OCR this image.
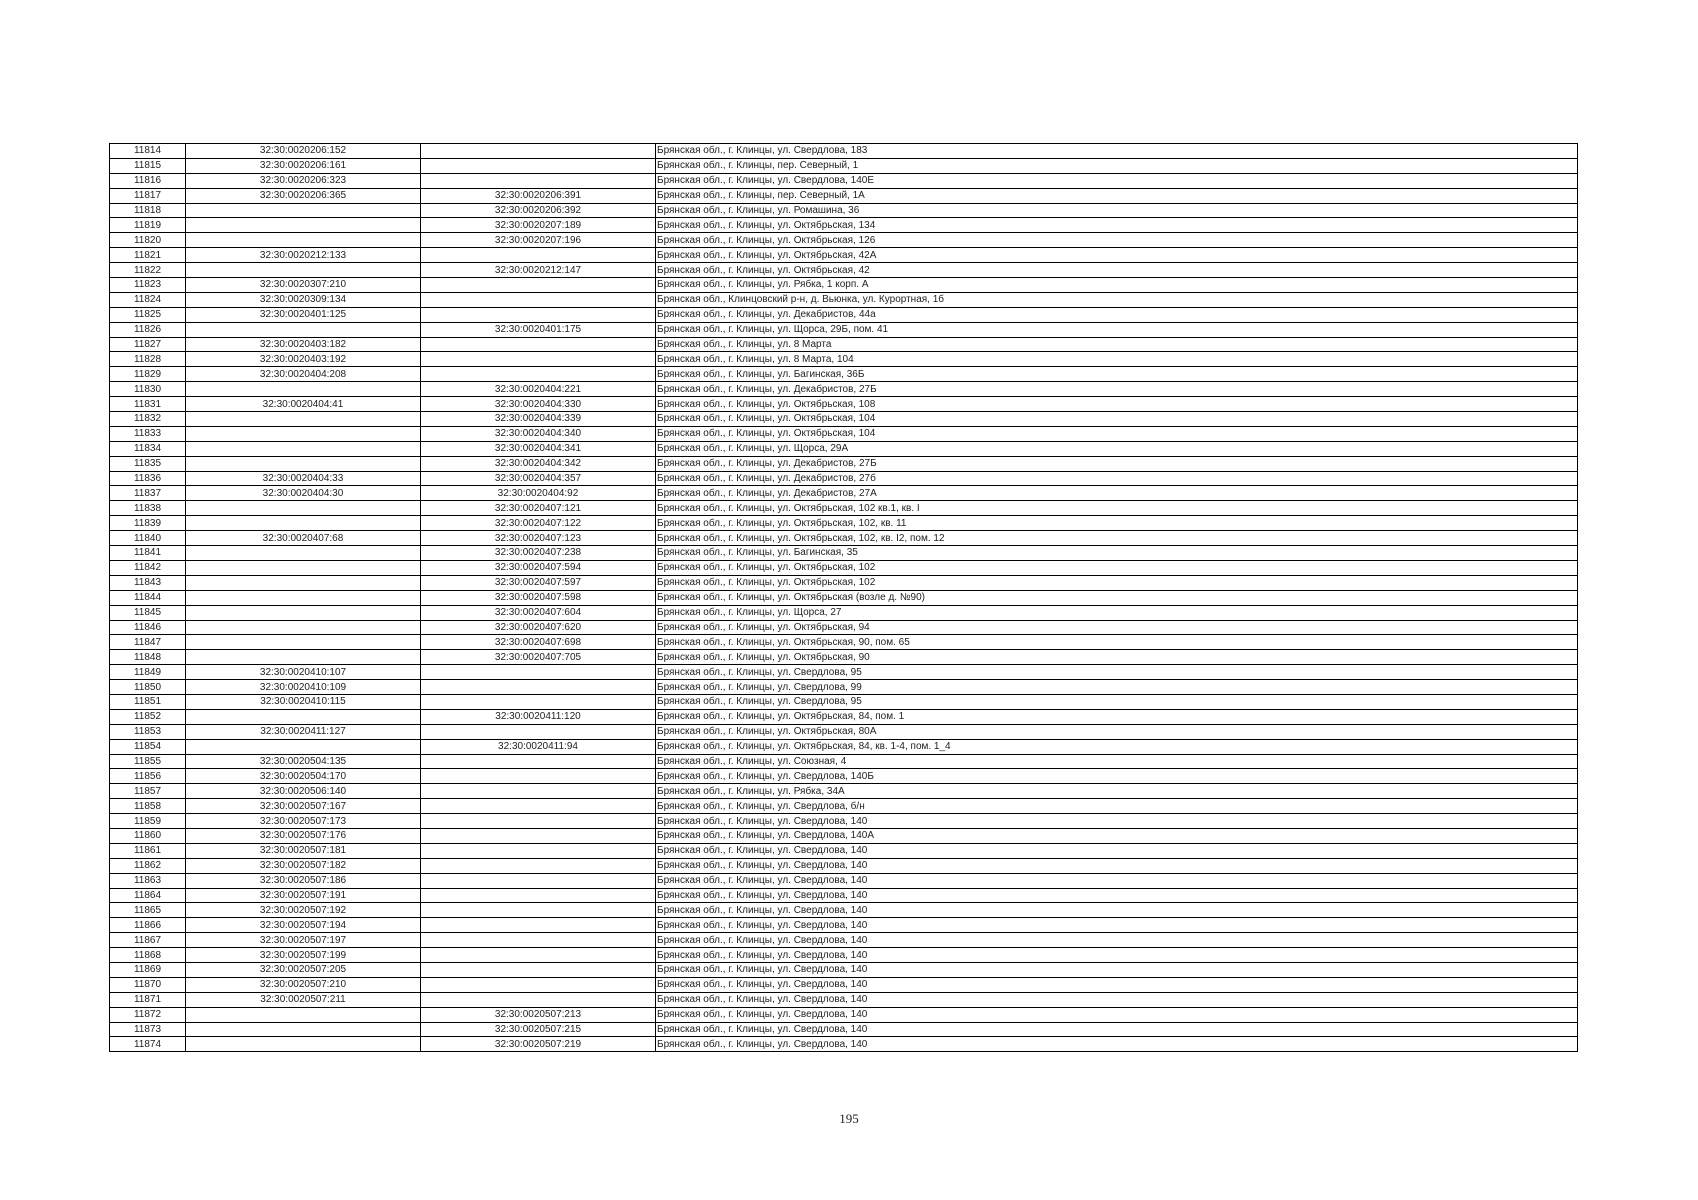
11814	32:30:0020206:152		Брянская обл., г. Клинцы, ул. Свердлова, 183
11815	32:30:0020206:161		Брянская обл., г. Клинцы, пер. Северный, 1
11816	32:30:0020206:323		Брянская обл., г. Клинцы, ул. Свердлова, 140Е
11817	32:30:0020206:365	32:30:0020206:391	Брянская обл., г. Клинцы, пер. Северный, 1А
11818		32:30:0020206:392	Брянская обл., г. Клинцы, ул. Ромашина, 36
11819		32:30:0020207:189	Брянская обл., г. Клинцы, ул. Октябрьская, 134
11820		32:30:0020207:196	Брянская обл., г. Клинцы, ул. Октябрьская, 126
11821	32:30:0020212:133		Брянская обл., г. Клинцы, ул. Октябрьская, 42А
11822		32:30:0020212:147	Брянская обл., г. Клинцы, ул. Октябрьская, 42
11823	32:30:0020307:210		Брянская обл., г. Клинцы, ул. Рябка, 1 корп. А
11824	32:30:0020309:134		Брянская обл., Клинцовский р-н, д. Вьюнка, ул. Курортная, 1б
11825	32:30:0020401:125		Брянская обл., г. Клинцы, ул. Декабристов, 44а
11826		32:30:0020401:175	Брянская обл., г. Клинцы, ул. Щорса, 29Б, пом. 41
11827	32:30:0020403:182		Брянская обл., г. Клинцы, ул. 8 Марта
11828	32:30:0020403:192		Брянская обл., г. Клинцы, ул. 8 Марта, 104
11829	32:30:0020404:208		Брянская обл., г. Клинцы, ул. Багинская, 36Б
11830		32:30:0020404:221	Брянская обл., г. Клинцы, ул. Декабристов, 27Б
11831	32:30:0020404:41	32:30:0020404:330	Брянская обл., г. Клинцы, ул. Октябрьская, 108
11832		32:30:0020404:339	Брянская обл., г. Клинцы, ул. Октябрьская, 104
11833		32:30:0020404:340	Брянская обл., г. Клинцы, ул. Октябрьская, 104
11834		32:30:0020404:341	Брянская обл., г. Клинцы, ул. Щорса, 29А
11835		32:30:0020404:342	Брянская обл., г. Клинцы, ул. Декабристов, 27Б
11836	32:30:0020404:33	32:30:0020404:357	Брянская обл., г. Клинцы, ул. Декабристов, 27б
11837	32:30:0020404:30	32:30:0020404:92	Брянская обл., г. Клинцы, ул. Декабристов, 27А
11838		32:30:0020407:121	Брянская обл., г. Клинцы, ул. Октябрьская, 102 кв.1, кв. I
11839		32:30:0020407:122	Брянская обл., г. Клинцы, ул. Октябрьская, 102, кв. 11
11840	32:30:0020407:68	32:30:0020407:123	Брянская обл., г. Клинцы, ул. Октябрьская, 102, кв. I2, пом. 12
11841		32:30:0020407:238	Брянская обл., г. Клинцы, ул. Багинская, 35
11842		32:30:0020407:594	Брянская обл., г. Клинцы, ул. Октябрьская, 102
11843		32:30:0020407:597	Брянская обл., г. Клинцы, ул. Октябрьская, 102
11844		32:30:0020407:598	Брянская обл., г. Клинцы, ул. Октябрьская (возле д. №90)
11845		32:30:0020407:604	Брянская обл., г. Клинцы, ул. Щорса, 27
11846		32:30:0020407:620	Брянская обл., г. Клинцы, ул. Октябрьская, 94
11847		32:30:0020407:698	Брянская обл., г. Клинцы, ул. Октябрьская, 90, пом. 65
11848		32:30:0020407:705	Брянская обл., г. Клинцы, ул. Октябрьская, 90
11849	32:30:0020410:107		Брянская обл., г. Клинцы, ул. Свердлова, 95
11850	32:30:0020410:109		Брянская обл., г. Клинцы, ул. Свердлова, 99
11851	32:30:0020410:115		Брянская обл., г. Клинцы, ул. Свердлова, 95
11852		32:30:0020411:120	Брянская обл., г. Клинцы, ул. Октябрьская, 84, пом. 1
11853	32:30:0020411:127		Брянская обл., г. Клинцы, ул. Октябрьская, 80А
11854		32:30:0020411:94	Брянская обл., г. Клинцы, ул. Октябрьская, 84, кв. 1-4, пом. 1_4
11855	32:30:0020504:135		Брянская обл., г. Клинцы, ул. Союзная, 4
11856	32:30:0020504:170		Брянская обл., г. Клинцы, ул. Свердлова, 140Б
11857	32:30:0020506:140		Брянская обл., г. Клинцы, ул. Рябка, 34А
11858	32:30:0020507:167		Брянская обл., г. Клинцы, ул. Свердлова, б/н
11859	32:30:0020507:173		Брянская обл., г. Клинцы, ул. Свердлова, 140
11860	32:30:0020507:176		Брянская обл., г. Клинцы, ул. Свердлова, 140А
11861	32:30:0020507:181		Брянская обл., г. Клинцы, ул. Свердлова, 140
11862	32:30:0020507:182		Брянская обл., г. Клинцы, ул. Свердлова, 140
11863	32:30:0020507:186		Брянская обл., г. Клинцы, ул. Свердлова, 140
11864	32:30:0020507:191		Брянская обл., г. Клинцы, ул. Свердлова, 140
11865	32:30:0020507:192		Брянская обл., г. Клинцы, ул. Свердлова, 140
11866	32:30:0020507:194		Брянская обл., г. Клинцы, ул. Свердлова, 140
11867	32:30:0020507:197		Брянская обл., г. Клинцы, ул. Свердлова, 140
11868	32:30:0020507:199		Брянская обл., г. Клинцы, ул. Свердлова, 140
11869	32:30:0020507:205		Брянская обл., г. Клинцы, ул. Свердлова, 140
11870	32:30:0020507:210		Брянская обл., г. Клинцы, ул. Свердлова, 140
11871	32:30:0020507:211		Брянская обл., г. Клинцы, ул. Свердлова, 140
11872		32:30:0020507:213	Брянская обл., г. Клинцы, ул. Свердлова, 140
11873		32:30:0020507:215	Брянская обл., г. Клинцы, ул. Свердлова, 140
11874		32:30:0020507:219	Брянская обл., г. Клинцы, ул. Свердлова, 140
195
